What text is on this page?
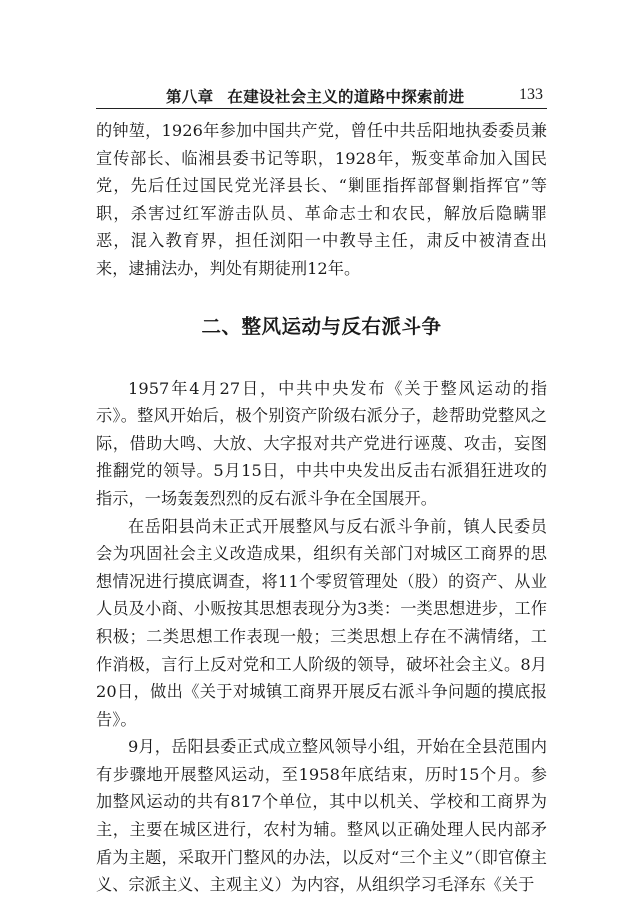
第八章 在建设社会主义的道路中探索前进	133

的钟堃，1926年参加中国共产党，曾任中共岳阳地执委委员兼宣传部长、临湘县委书记等职，1928年，叛变革命加入国民党，先后任过国民党光泽县长、“剿匪指挥部督剿指挥官”等职，杀害过红军游击队员、革命志士和农民，解放后隐瞒罪恶，混入教育界，担任浏阳一中教导主任，肃反中被清查出来，逮捕法办，判处有期徒刑12年。

二、整风运动与反右派斗争

1957年4月27日，中共中央发布《关于整风运动的指示》。整风开始后，极个别资产阶级右派分子，趁帮助党整风之际，借助大鸣、大放、大字报对共产党进行诬蔑、攻击，妄图推翻党的领导。5月15日，中共中央发出反击右派猖狂进攻的指示，一场轰轰烈烈的反右派斗争在全国展开。

在岳阳县尚未正式开展整风与反右派斗争前，镇人民委员会为巩固社会主义改造成果，组织有关部门对城区工商界的思想情况进行摸底调查，将11个零贸管理处（股）的资产、从业人员及小商、小贩按其思想表现分为3类：一类思想进步，工作积极；二类思想工作表现一般；三类思想上存在不满情绪，工作消极，言行上反对党和工人阶级的领导，破坏社会主义。8月20日，做出《关于对城镇工商界开展反右派斗争问题的摸底报告》。

9月，岳阳县委正式成立整风领导小组，开始在全县范围内有步骤地开展整风运动，至1958年底结束，历时15个月。参加整风运动的共有817个单位，其中以机关、学校和工商界为主，主要在城区进行，农村为辅。整风以正确处理人民内部矛盾为主题，采取开门整风的办法，以反对“三个主义”（即官僚主义、宗派主义、主观主义）为内容，从组织学习毛泽东《关于
